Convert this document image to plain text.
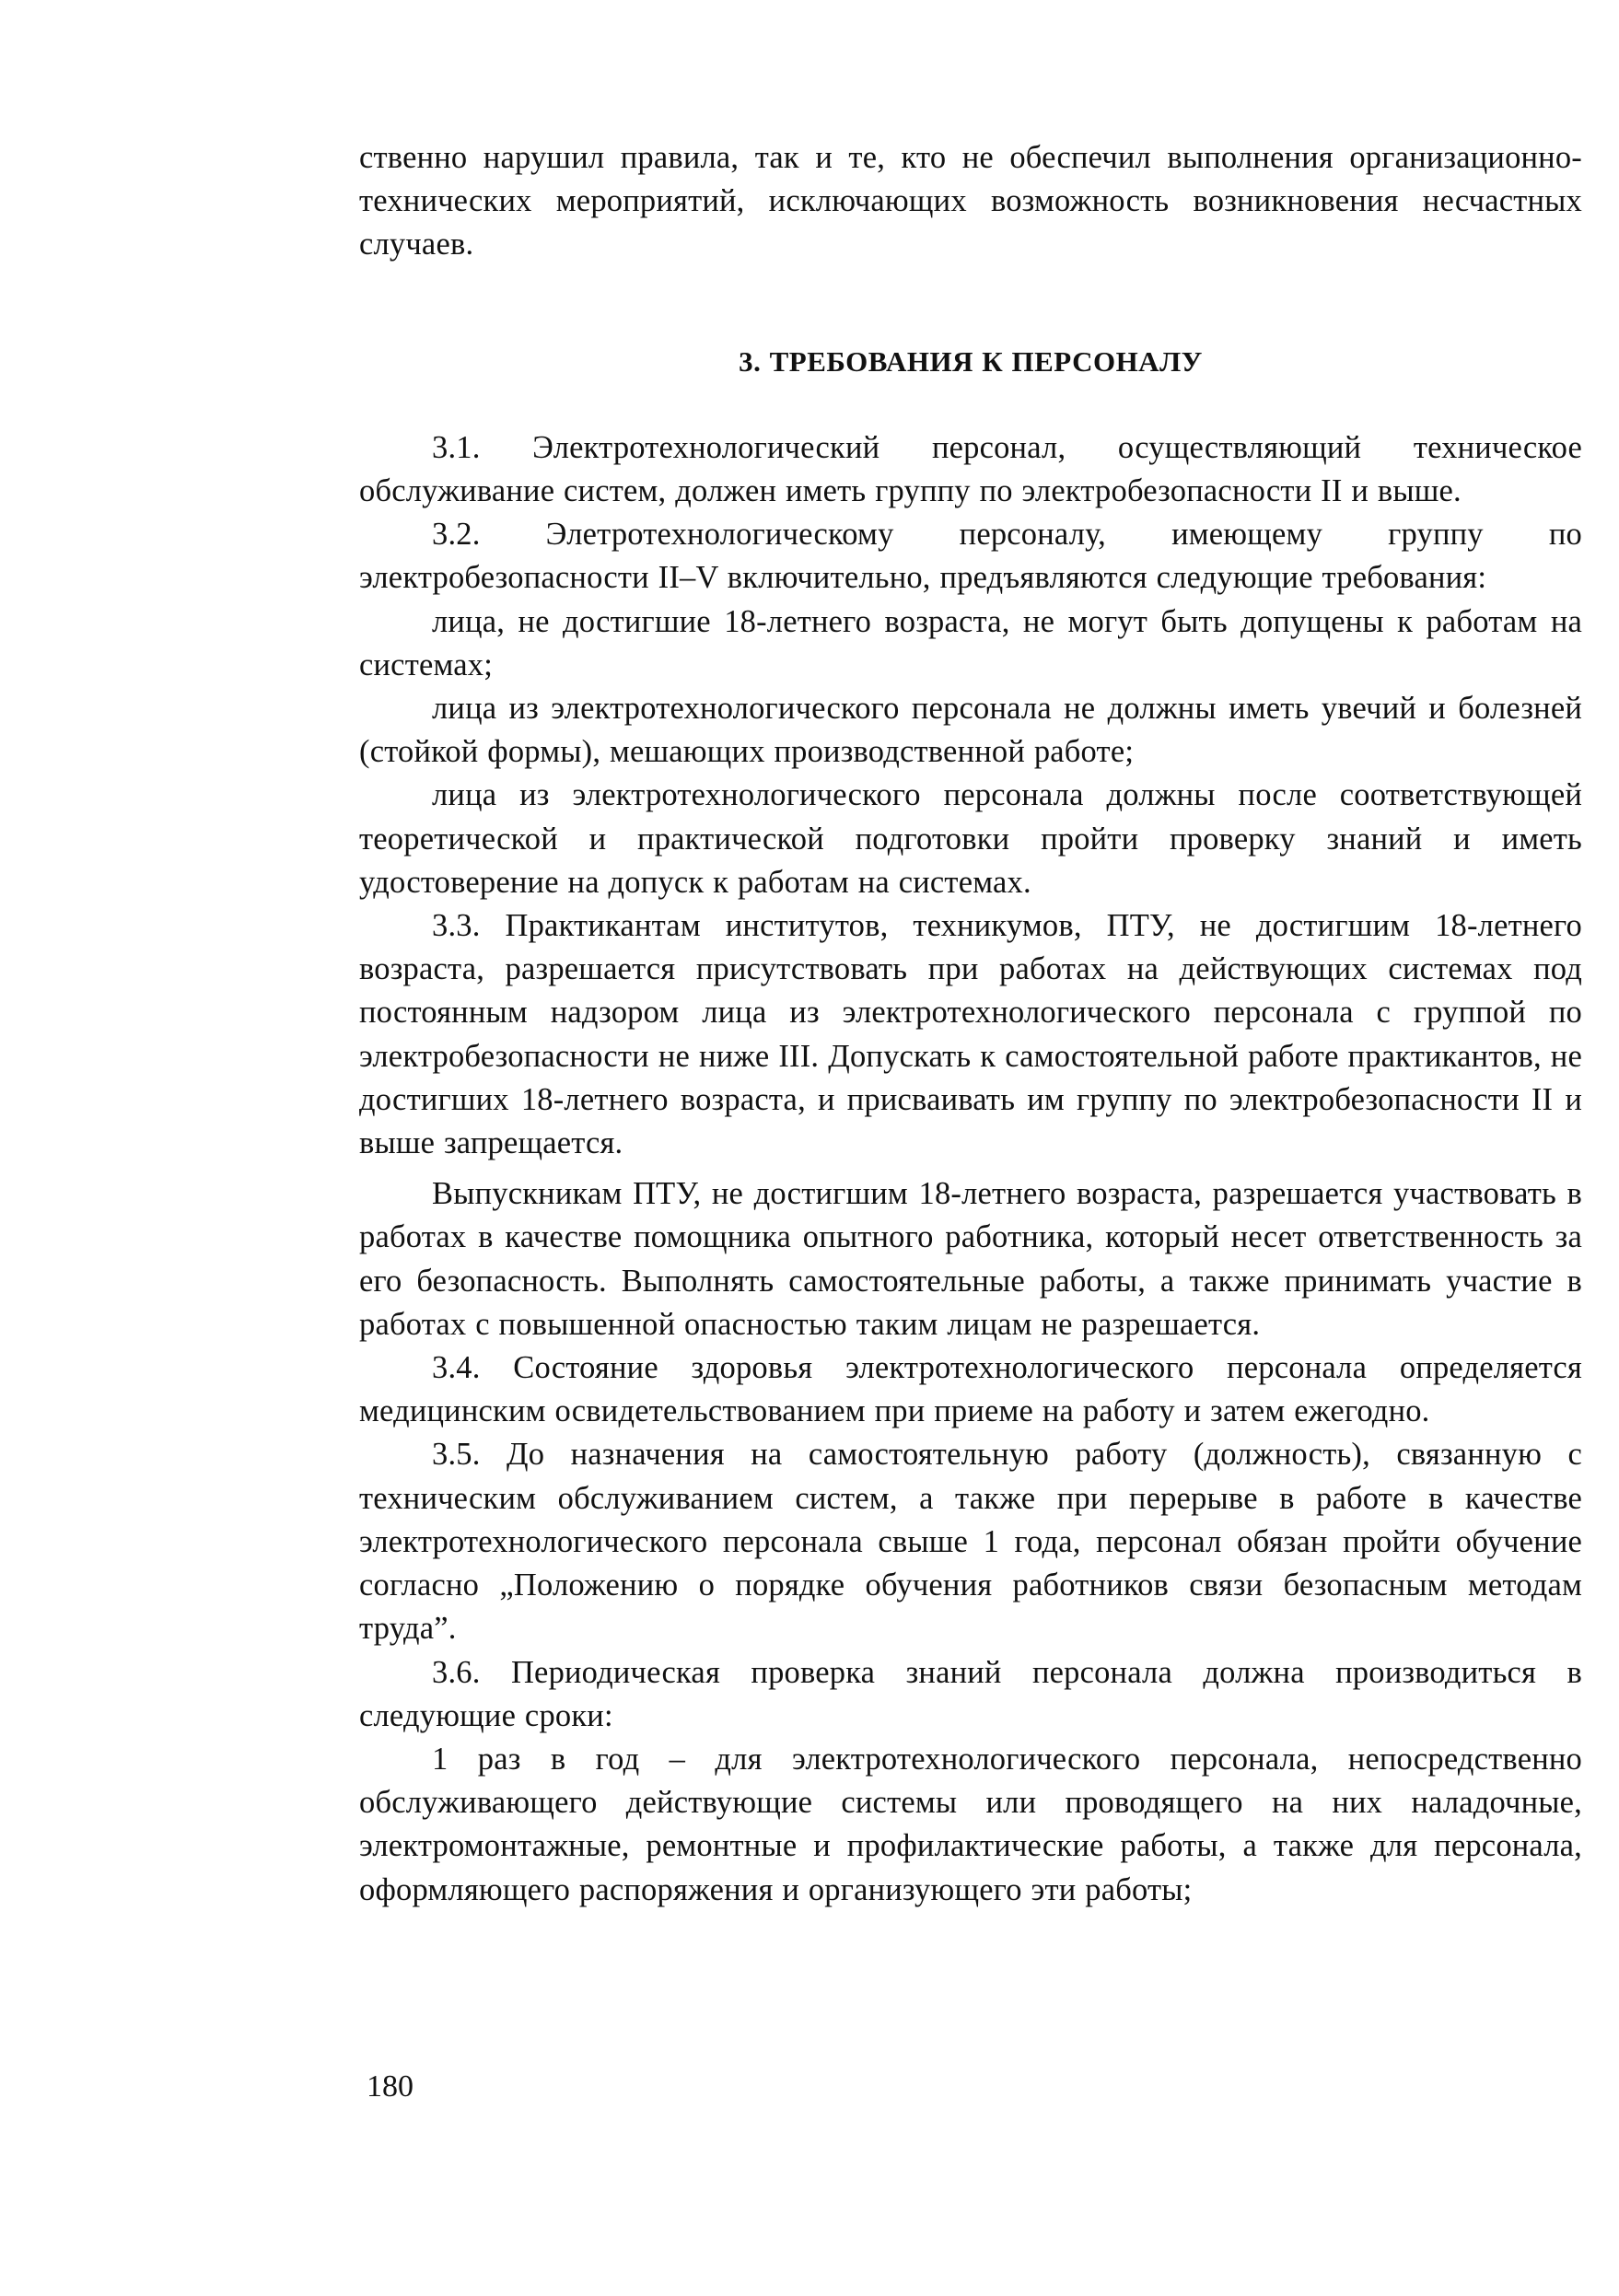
ственно нарушил правила, так и те, кто не обеспечил выполнения организационно-технических мероприятий, исключающих возможность возникновения несчастных случаев.

3. ТРЕБОВАНИЯ К ПЕРСОНАЛУ

3.1. Электротехнологический персонал, осуществляющий техническое обслуживание систем, должен иметь группу по электробезопасности II и выше.

3.2. Элетротехнологическому персоналу, имеющему группу по электробезопасности II–V включительно, предъявляются следующие требования:

лица, не достигшие 18-летнего возраста, не могут быть допущены к работам на системах;

лица из электротехнологического персонала не должны иметь увечий и болезней (стойкой формы), мешающих производственной работе;

лица из электротехнологического персонала должны после соответствующей теоретической и практической подготовки пройти проверку знаний и иметь удостоверение на допуск к работам на системах.

3.3. Практикантам институтов, техникумов, ПТУ, не достигшим 18-летнего возраста, разрешается присутствовать при работах на действующих системах под постоянным надзором лица из электротехнологического персонала с группой по электробезопасности не ниже III. Допускать к самостоятельной работе практикантов, не достигших 18-летнего возраста, и присваивать им группу по электробезопасности II и выше запрещается.

Выпускникам ПТУ, не достигшим 18-летнего возраста, разрешается участвовать в работах в качестве помощника опытного работника, который несет ответственность за его безопасность. Выполнять самостоятельные работы, а также принимать участие в работах с повышенной опасностью таким лицам не разрешается.

3.4. Состояние здоровья электротехнологического персонала определяется медицинским освидетельствованием при приеме на работу и затем ежегодно.

3.5. До назначения на самостоятельную работу (должность), связанную с техническим обслуживанием систем, а также при перерыве в работе в качестве электротехнологического персонала свыше 1 года, персонал обязан пройти обучение согласно „Положению о порядке обучения работников связи безопасным методам труда”.

3.6. Периодическая проверка знаний персонала должна производиться в следующие сроки:

1 раз в год – для электротехнологического персонала, непосредственно обслуживающего действующие системы или проводящего на них наладочные, электромонтажные, ремонтные и профилактические работы, а также для персонала, оформляющего распоряжения и организующего эти работы;

180
